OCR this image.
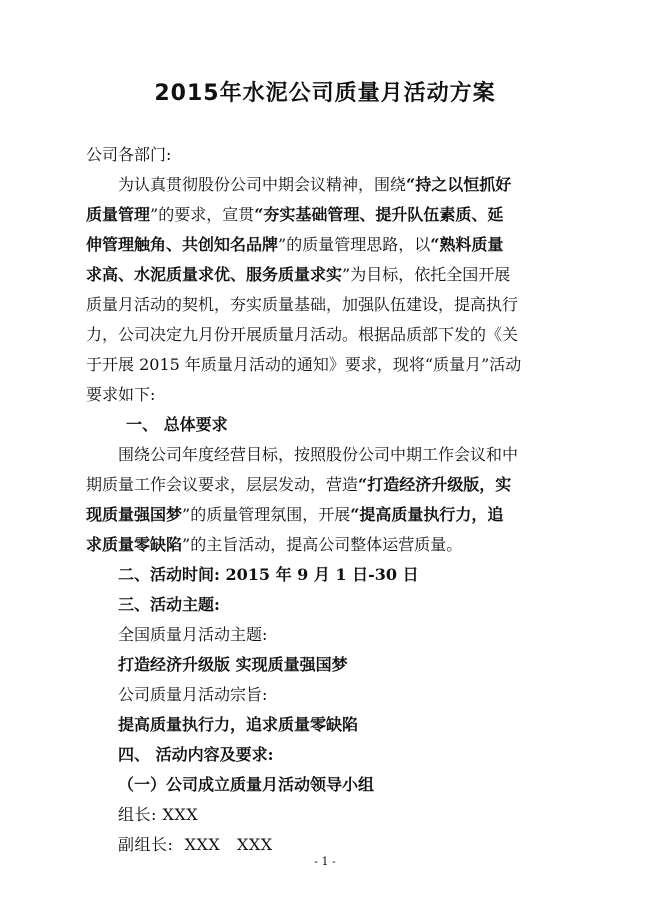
2015年水泥公司质量月活动方案
公司各部门:
为认真贯彻股份公司中期会议精神，围绕“持之以恒抓好
质量管理”的要求，宣贯“夯实基础管理、提升队伍素质、延
伸管理触角、共创知名品牌”的质量管理思路，以“熟料质量
求高、水泥质量求优、服务质量求实”为目标，依托全国开展
质量月活动的契机，夯实质量基础，加强队伍建设，提高执行
力，公司决定九月份开展质量月活动。根据品质部下发的《关
于开展 2015 年质量月活动的通知》要求，现将“质量月”活动
要求如下:
一、 总体要求
围绕公司年度经营目标，按照股份公司中期工作会议和中
期质量工作会议要求，层层发动，营造“打造经济升级版，实
现质量强国梦”的质量管理氛围，开展“提高质量执行力，追
求质量零缺陷”的主旨活动，提高公司整体运营质量。
二、活动时间: 2015 年 9 月 1 日-30 日
三、活动主题:
全国质量月活动主题:
打造经济升级版 实现质量强国梦
公司质量月活动宗旨:
提高质量执行力，追求质量零缺陷
四、 活动内容及要求:
（一）公司成立质量月活动领导小组
组长: XXX
副组长:  XXX   XXX
- 1 -
